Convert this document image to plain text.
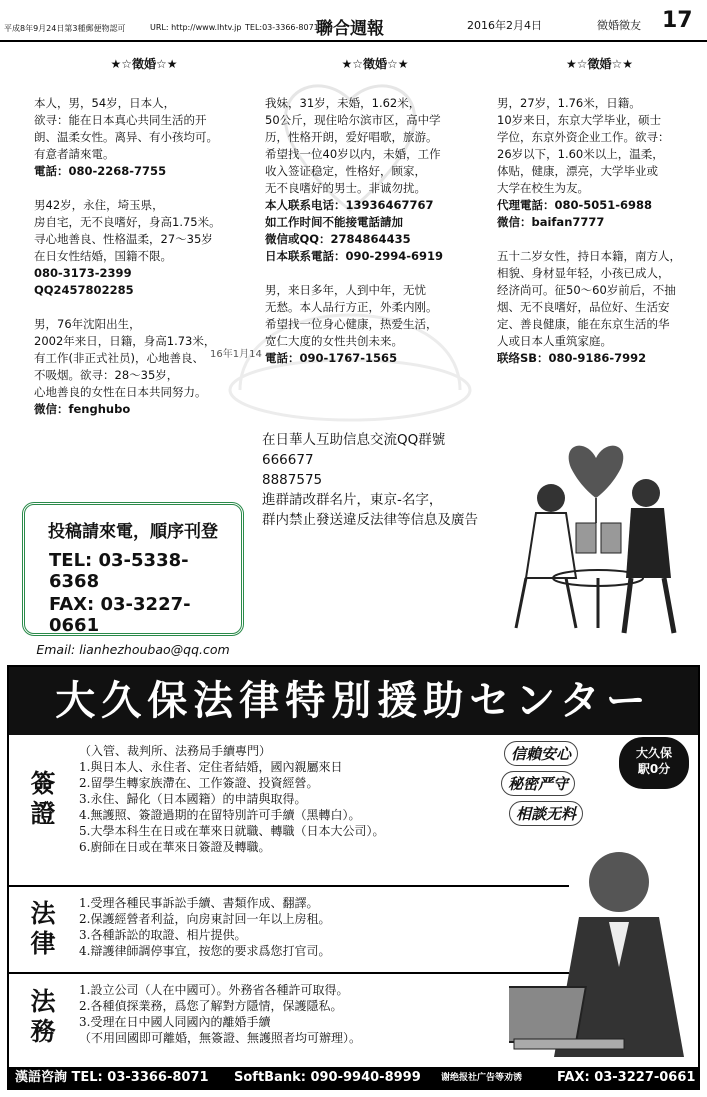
平成8年9月24日第3種郵便物認可	URL: http://www.lhtv.jp TEL:03-3366-8071
聯合週報	2016年2月4日	徵婚徵友 17
★☆徵婚☆★

本人，男，54岁，日本人，
欲寻：能在日本真心共同生活的开
朗、温柔女性。离异、有小孩均可。
有意者請來電。
電話：080-2268-7755

男42岁，永住，埼玉県，
房自宅，无不良嗜好，身高1.75米。
寻心地善良、性格温柔，27～35岁
在日女性结婚，国籍不限。
080-3173-2399
QQ2457802285

男，76年沈阳出生，
2002年来日，日籍，身高1.73米，
有工作(非正式社员)，心地善良、
不吸烟。欲寻：28～35岁，
心地善良的女性在日本共同努力。
微信：fenghubo

16年1月14
★☆徵婚☆★

我妹，31岁，未婚，1.62米，
50公斤，现住哈尔滨市区，高中学
历，性格开朗，爱好唱歌，旅游。
希望找一位40岁以内，未婚，工作
收入签证稳定，性格好，顾家，
无不良嗜好的男士。非诚勿扰。
本人联系电话：13936467767
如工作时间不能接電話請加
微信或QQ：2784864435
日本联系電話：090-2994-6919

男，来日多年，人到中年，无忧
无愁。本人品行方正，外柔内刚。
希望找一位身心健康，热爱生活，
宽仁大度的女性共创未来。
電話：090-1767-1565

★☆徵婚☆★

男，27岁，1.76米，日籍。
10岁来日，东京大学毕业，硕士
学位，东京外资企业工作。欲寻：
26岁以下，1.60米以上，温柔，
体贴，健康，漂亮，大学毕业或
大学在校生为友。
代理電話：080-5051-6988
微信：baifan7777

五十二岁女性，持日本籍，南方人，
相貌、身材显年轻，小孩已成人，
经济尚可。征50～60岁前后，不抽
烟、无不良嗜好，品位好、生活安
定、善良健康，能在东京生活的华
人或日本人重筑家庭。
联络SB：080-9186-7992

在日華人互助信息交流QQ群號
666677
8887575
進群請改群名片，東京-名字，
群内禁止發送違反法律等信息及廣告
投稿請來電，順序刊登
TEL: 03-5338-6368
FAX: 03-3227-0661
Email: lianhezhoubao@qq.com
大久保法律特別援助センター
簽證
（入管、裁判所、法務局手續專門）
1.與日本人、永住者、定住者結婚，國內親屬來日
2.留學生轉家族滯在、工作簽證、投資經營。
3.永住、歸化（日本國籍）的申請與取得。
4.無護照、簽證過期的在留特別許可手續（黑轉白）。
5.大學本科生在日或在華來日就職、轉職（日本大公司）。
6.廚師在日或在華來日簽證及轉職。
法律
1.受理各種民事訴訟手續、書類作成、翻譯。
2.保護經營者利益，向房東討回一年以上房租。
3.各種訴訟的取證、相片提供。
4.辯護律師調停事宜，按您的要求爲您打官司。
法務
1.設立公司（人在中國可）。外務省各種許可取得。
2.各種偵探業務，爲您了解對方隱情，保護隱私。
3.受理在日中國人同國內的離婚手續
（不用回國即可離婚，無簽證、無護照者均可辦理）。
信賴安心
秘密严守
相談无料
大久保
駅0分
漢語咨詢 TEL: 03-3366-8071 SoftBank: 090-9940-8999 谢绝报社广告等劝诱	FAX: 03-3227-0661
